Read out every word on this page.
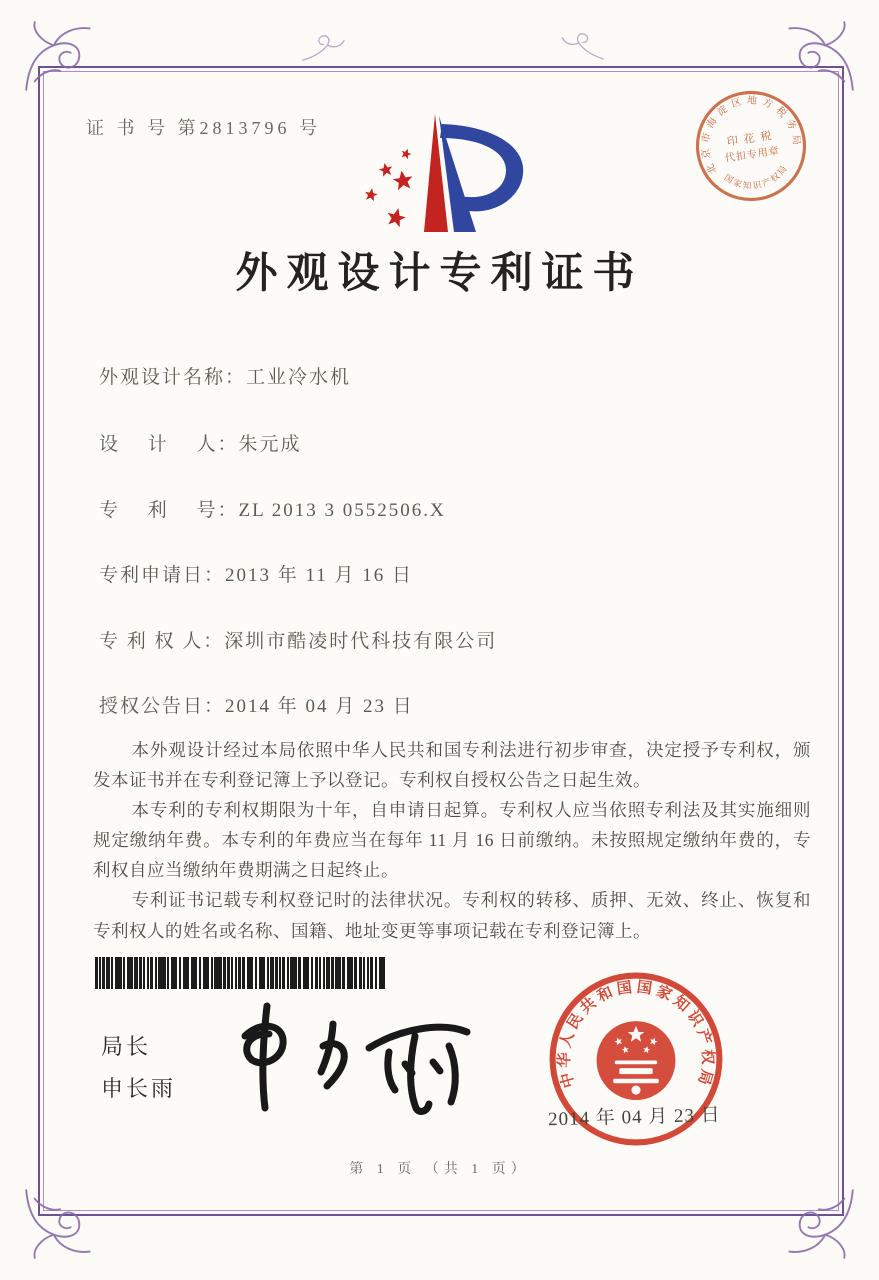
证 书 号 第2813796 号
外观设计专利证书
外观设计名称：工业冷水机
设　 计 　人：朱元成
专　 利 　号：ZL 2013 3 0552506.X
专利申请日：2013 年 11 月 16 日
专 利 权 人：深圳市酷凌时代科技有限公司
授权公告日：2014 年 04 月 23 日

本外观设计经过本局依照中华人民共和国专利法进行初步审查，决定授予专利权，颁发本证书并在专利登记簿上予以登记。专利权自授权公告之日起生效。

本专利的专利权期限为十年，自申请日起算。专利权人应当依照专利法及其实施细则规定缴纳年费。本专利的年费应当在每年 11 月 16 日前缴纳。未按照规定缴纳年费的，专利权自应当缴纳年费期满之日起终止。

专利证书记载专利权登记时的法律状况。专利权的转移、质押、无效、终止、恢复和专利权人的姓名或名称、国籍、地址变更等事项记载在专利登记簿上。

局长
申长雨	中华人民共和国国家知识产权局
2014 年 04 月 23 日
北京市海淀区地方税务局
国家知识产权局
印 花 税
代扣专用章
第 1 页 （共 1 页）
